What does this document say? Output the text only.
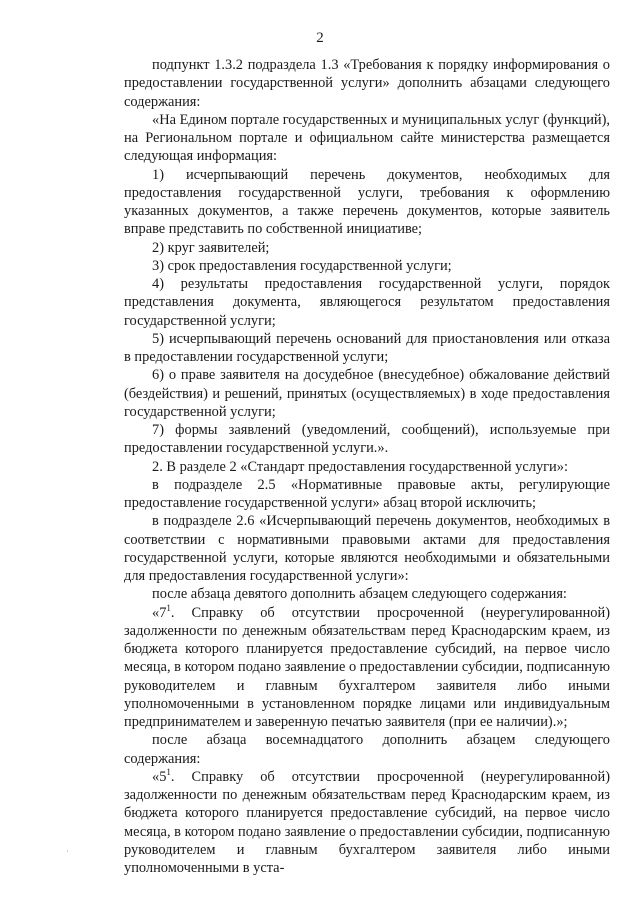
2

подпункт 1.3.2 подраздела 1.3 «Требования к порядку информирования о предоставлении государственной услуги» дополнить абзацами следующего содержания:

«На Едином портале государственных и муниципальных услуг (функций), на Региональном портале и официальном сайте министерства размещается следующая информация:

1) исчерпывающий перечень документов, необходимых для предоставления государственной услуги, требования к оформлению указанных документов, а также перечень документов, которые заявитель вправе представить по собственной инициативе;

2) круг заявителей;

3) срок предоставления государственной услуги;

4) результаты предоставления государственной услуги, порядок представления документа, являющегося результатом предоставления государственной услуги;

5) исчерпывающий перечень оснований для приостановления или отказа в предоставлении государственной услуги;

6) о праве заявителя на досудебное (внесудебное) обжалование действий (бездействия) и решений, принятых (осуществляемых) в ходе предоставления государственной услуги;

7) формы заявлений (уведомлений, сообщений), используемые при предоставлении государственной услуги.».

2. В разделе 2 «Стандарт предоставления государственной услуги»:

в подразделе 2.5 «Нормативные правовые акты, регулирующие предоставление государственной услуги» абзац второй исключить;

в подразделе 2.6 «Исчерпывающий перечень документов, необходимых в соответствии с нормативными правовыми актами для предоставления государственной услуги, которые являются необходимыми и обязательными для предоставления государственной услуги»:

после абзаца девятого дополнить абзацем следующего содержания:

«$7^1$. Справку об отсутствии просроченной (неурегулированной) задолженности по денежным обязательствам перед Краснодарским краем, из бюджета которого планируется предоставление субсидий, на первое число месяца, в котором подано заявление о предоставлении субсидии, подписанную руководителем и главным бухгалтером заявителя либо иными уполномоченными в установленном порядке лицами или индивидуальным предпринимателем и заверенную печатью заявителя (при ее наличии).»;

после абзаца восемнадцатого дополнить абзацем следующего содержания:

«$5^1$. Справку об отсутствии просроченной (неурегулированной) задолженности по денежным обязательствам перед Краснодарским краем, из бюджета которого планируется предоставление субсидий, на первое число месяца, в котором подано заявление о предоставлении субсидии, подписанную руководителем и главным бухгалтером заявителя либо иными уполномоченными в уста-

·
